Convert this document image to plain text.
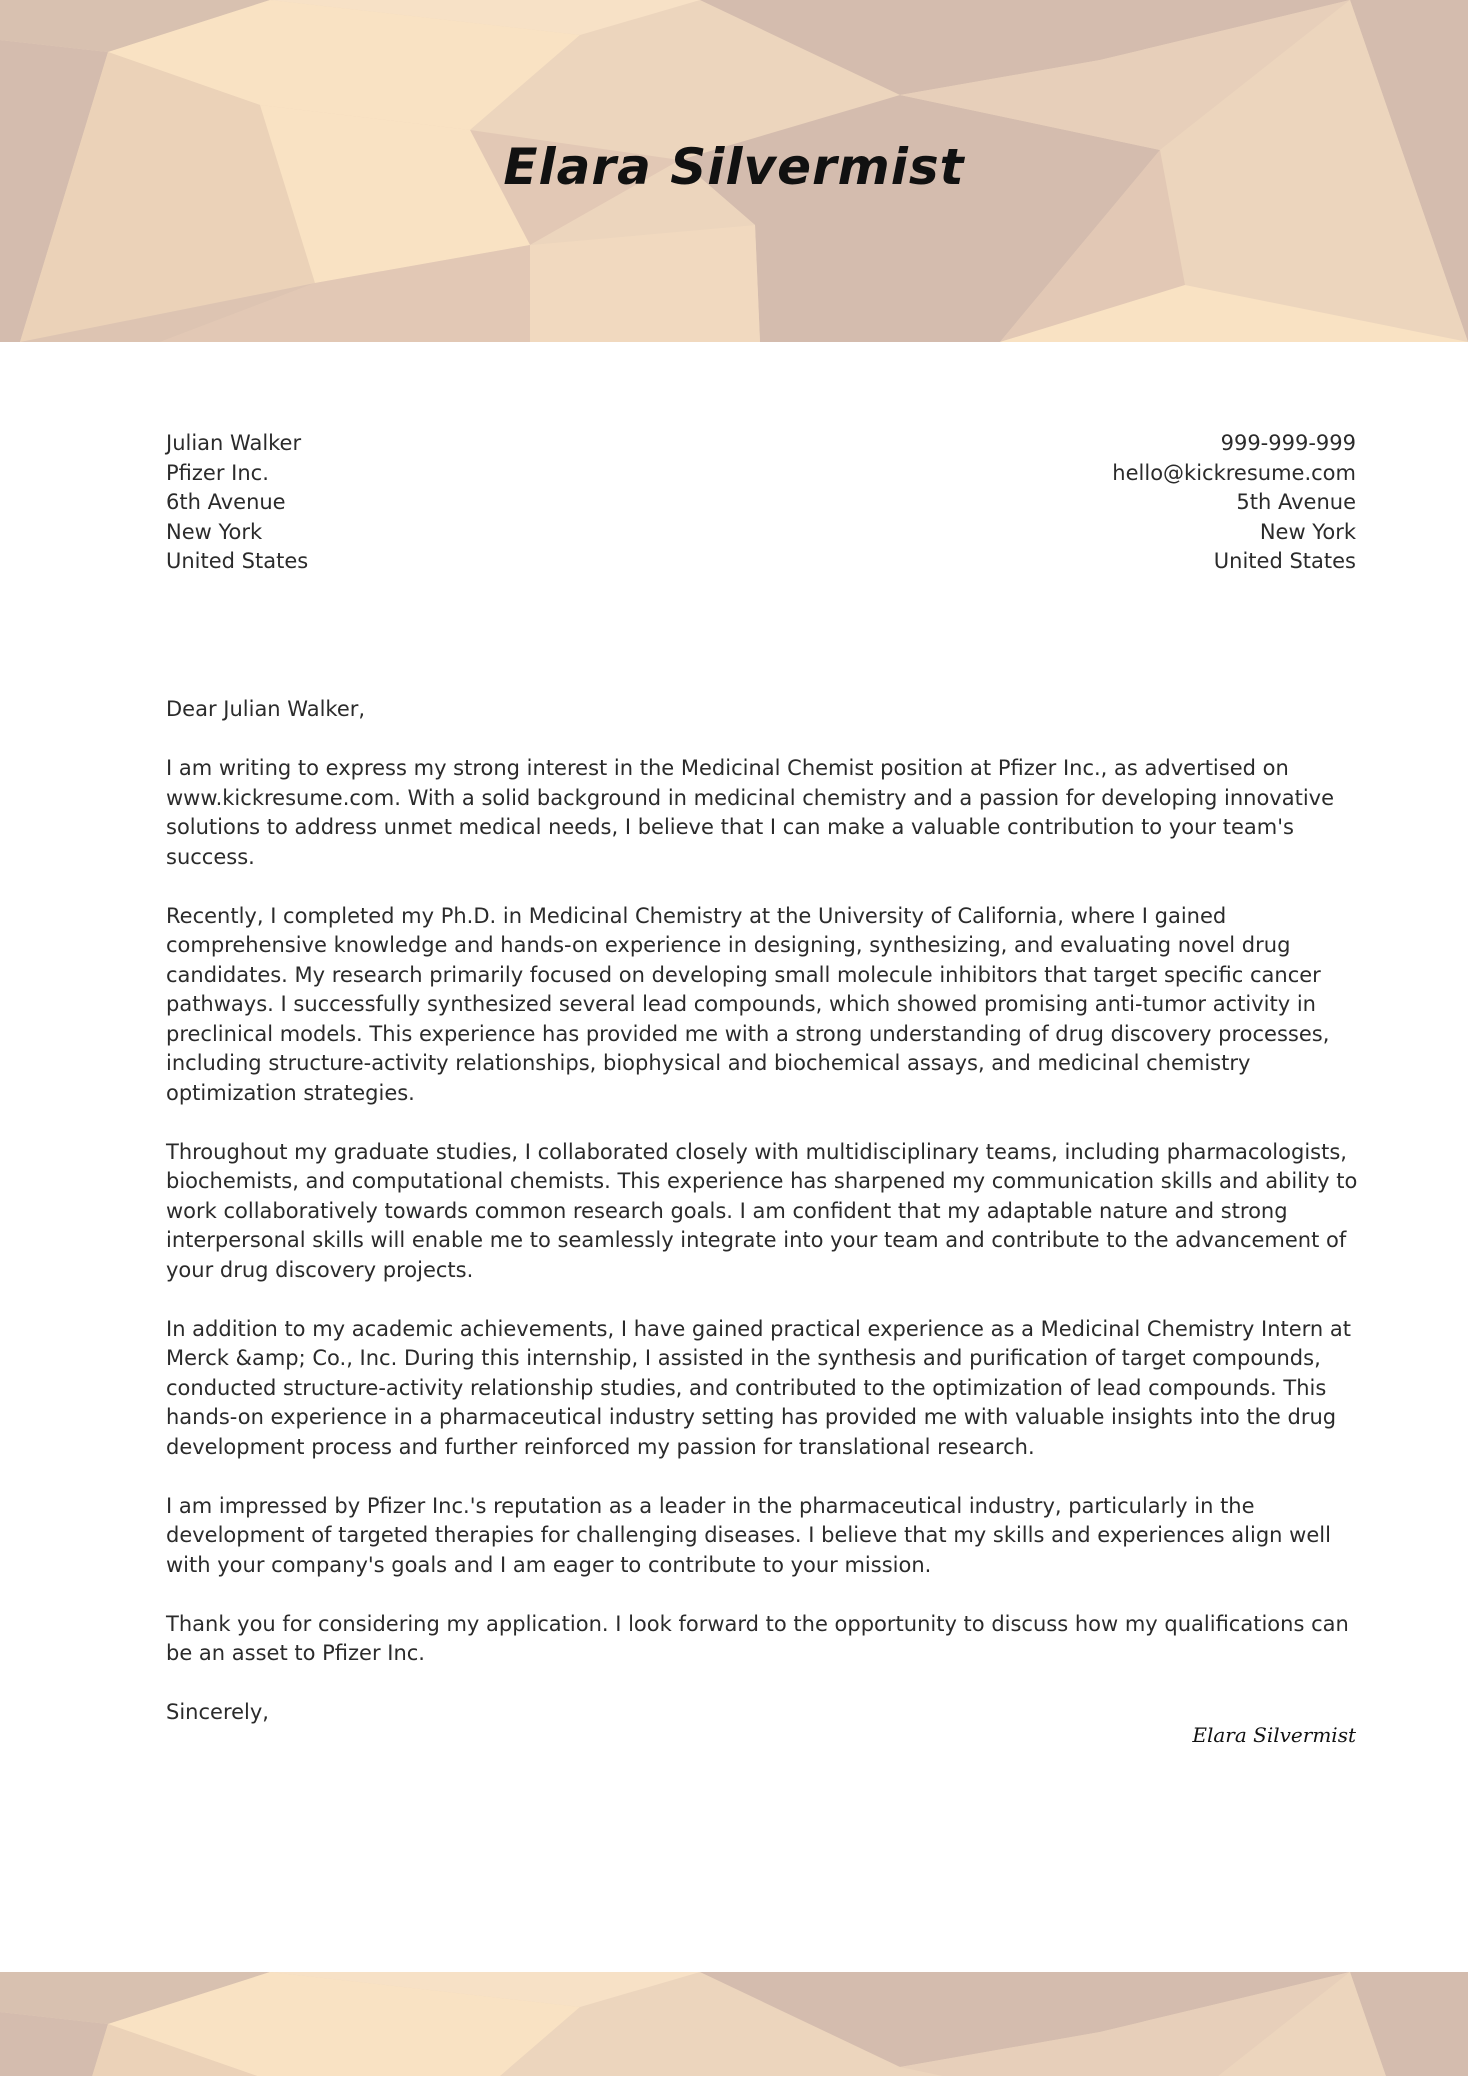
Elara Silvermist
Julian Walker
Pfizer Inc.
6th Avenue
New York
United States
999-999-999
hello@kickresume.com
5th Avenue
New York
United States

Dear Julian Walker,

I am writing to express my strong interest in the Medicinal Chemist position at Pfizer Inc., as advertised on www.kickresume.com. With a solid background in medicinal chemistry and a passion for developing innovative solutions to address unmet medical needs, I believe that I can make a valuable contribution to your team's success.

Recently, I completed my Ph.D. in Medicinal Chemistry at the University of California, where I gained comprehensive knowledge and hands-on experience in designing, synthesizing, and evaluating novel drug candidates. My research primarily focused on developing small molecule inhibitors that target specific cancer pathways. I successfully synthesized several lead compounds, which showed promising anti-tumor activity in preclinical models. This experience has provided me with a strong understanding of drug discovery processes, including structure-activity relationships, biophysical and biochemical assays, and medicinal chemistry optimization strategies.

Throughout my graduate studies, I collaborated closely with multidisciplinary teams, including pharmacologists, biochemists, and computational chemists. This experience has sharpened my communication skills and ability to work collaboratively towards common research goals. I am confident that my adaptable nature and strong interpersonal skills will enable me to seamlessly integrate into your team and contribute to the advancement of your drug discovery projects.

In addition to my academic achievements, I have gained practical experience as a Medicinal Chemistry Intern at Merck &amp; Co., Inc. During this internship, I assisted in the synthesis and purification of target compounds, conducted structure-activity relationship studies, and contributed to the optimization of lead compounds. This hands-on experience in a pharmaceutical industry setting has provided me with valuable insights into the drug development process and further reinforced my passion for translational research.

I am impressed by Pfizer Inc.'s reputation as a leader in the pharmaceutical industry, particularly in the development of targeted therapies for challenging diseases. I believe that my skills and experiences align well with your company's goals and I am eager to contribute to your mission.

Thank you for considering my application. I look forward to the opportunity to discuss how my qualifications can be an asset to Pfizer Inc.

Sincerely,

Elara Silvermist
